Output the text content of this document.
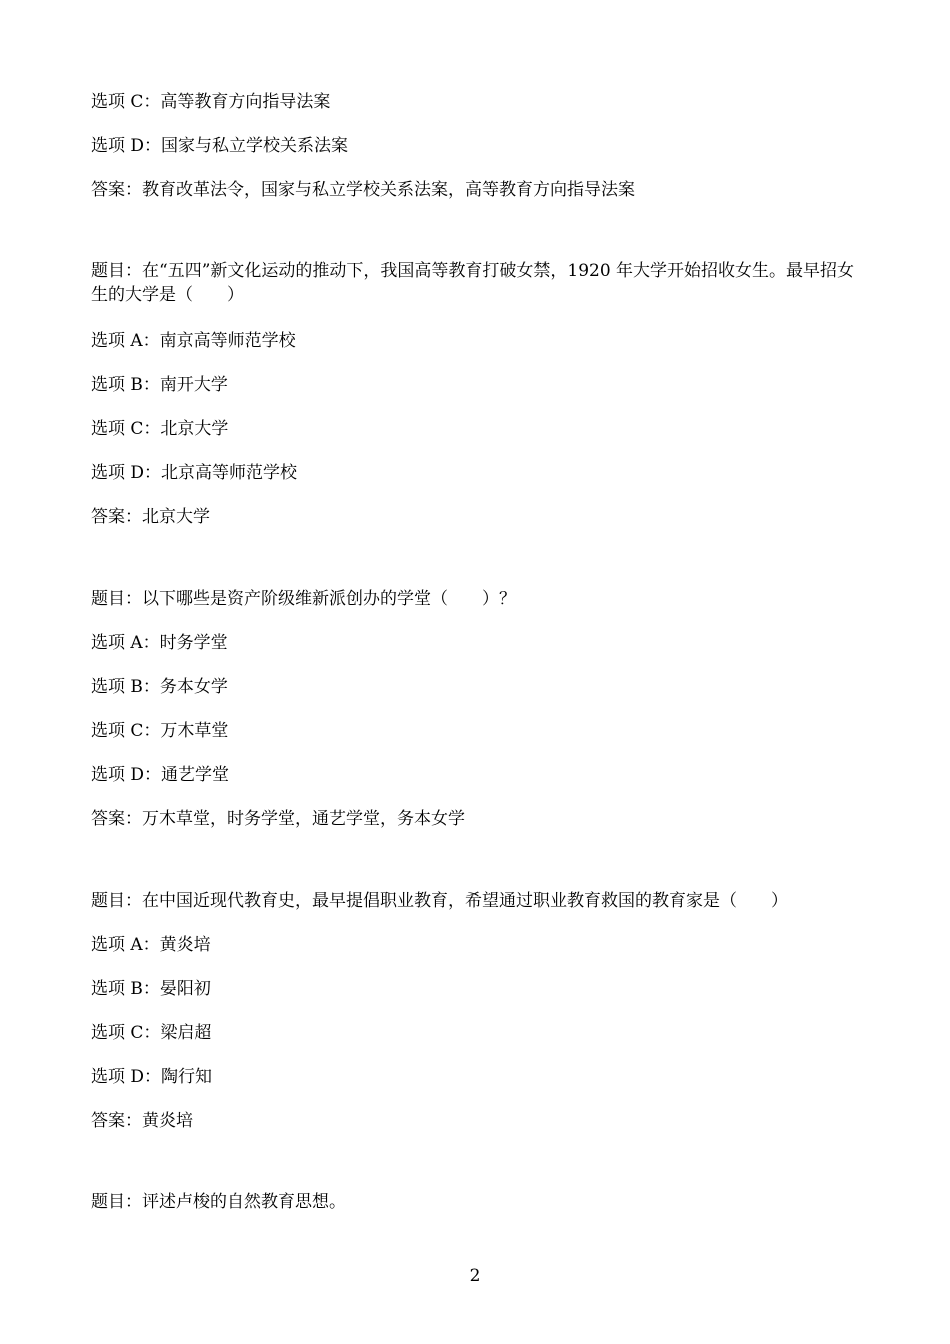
选项 C：高等教育方向指导法案
选项 D：国家与私立学校关系法案
答案：教育改革法令，国家与私立学校关系法案，高等教育方向指导法案
题目：在“五四”新文化运动的推动下，我国高等教育打破女禁，1920 年大学开始招收女生。最早招女生的大学是（　　）
选项 A：南京高等师范学校
选项 B：南开大学
选项 C：北京大学
选项 D：北京高等师范学校
答案：北京大学
题目：以下哪些是资产阶级维新派创办的学堂（　　）？
选项 A：时务学堂
选项 B：务本女学
选项 C：万木草堂
选项 D：通艺学堂
答案：万木草堂，时务学堂，通艺学堂，务本女学
题目：在中国近现代教育史，最早提倡职业教育，希望通过职业教育救国的教育家是（　　）
选项 A：黄炎培
选项 B：晏阳初
选项 C：梁启超
选项 D：陶行知
答案：黄炎培
题目：评述卢梭的自然教育思想。
2
